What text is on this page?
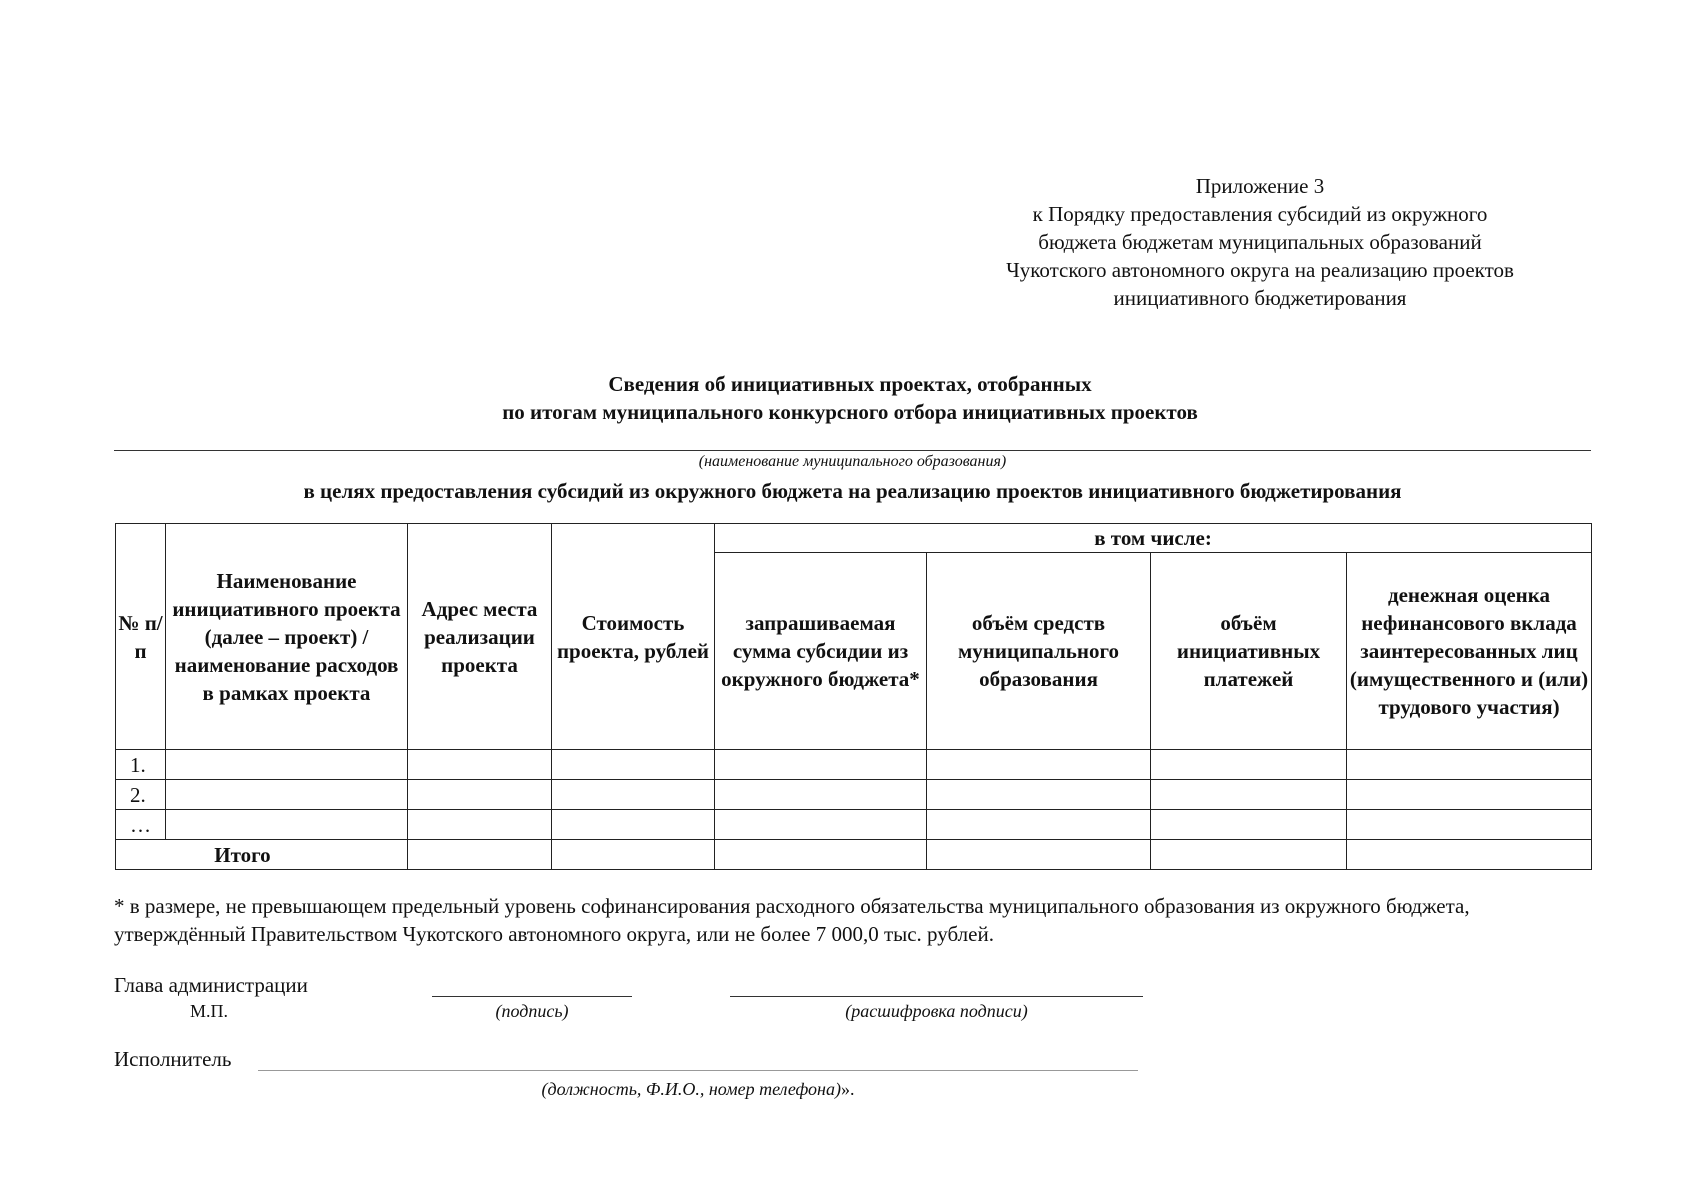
Приложение 3
к Порядку предоставления субсидий из окружного
бюджета бюджетам муниципальных образований
Чукотского автономного округа на реализацию проектов
инициативного бюджетирования
Сведения об инициативных проектах, отобранных
по итогам муниципального конкурсного отбора инициативных проектов
(наименование муниципального образования)
в целях предоставления субсидий из окружного бюджета на реализацию проектов инициативного бюджетирования
№ п/п	Наименование инициативного проекта (далее – проект) / наименование расходов в рамках проекта	Адрес места реализации проекта	Стоимость проекта, рублей	в том числе:			
				запрашиваемая сумма субсидии из окружного бюджета*	объём средств муниципального образования	объём инициативных платежей	денежная оценка нефинансового вклада заинтересованных лиц (имущественного и (или) трудового участия)
1.							
2.							
…							
Итого							
* в размере, не превышающем предельный уровень софинансирования расходного обязательства муниципального образования из окружного бюджета, утверждённый Правительством Чукотского автономного округа, или не более 7 000,0 тыс. рублей.
Глава администрации
М.П.	(подпись)	(расшифровка подписи)
Исполнитель
(должность, Ф.И.О., номер телефона)».
